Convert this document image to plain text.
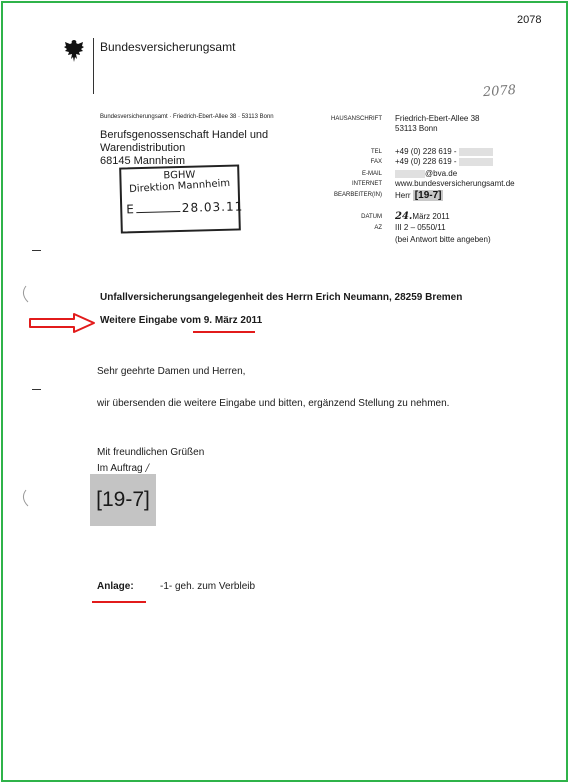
2078
2078
Bundesversicherungsamt
Bundesversicherungsamt · Friedrich-Ebert-Allee 38 · 53113 Bonn
Berufsgenossenschaft Handel und
Warendistribution
68145 Mannheim
BGHW
Direktion Mannheim
E	28.03.11
HAUSANSCHRIFT Friedrich-Ebert-Allee 38
53113 Bonn
TEL +49 (0) 228 619 -
FAX +49 (0) 228 619 -
E-MAIL	@bva.de
INTERNET www.bundesversicherungsamt.de
BEARBEITER(IN) Herr [19-7]
DATUM 24.März 2011
AZ III 2 – 0550/11
(bei Antwort bitte angeben)
Unfallversicherungsangelegenheit des Herrn Erich Neumann, 28259 Bremen
Weitere Eingabe vom 9. März 2011
Sehr geehrte Damen und Herren,
wir übersenden die weitere Eingabe und bitten, ergänzend Stellung zu nehmen.
Mit freundlichen Grüßen
Im Auftrag /
[19-7]
Anlage:	-1- geh. zum Verbleib
